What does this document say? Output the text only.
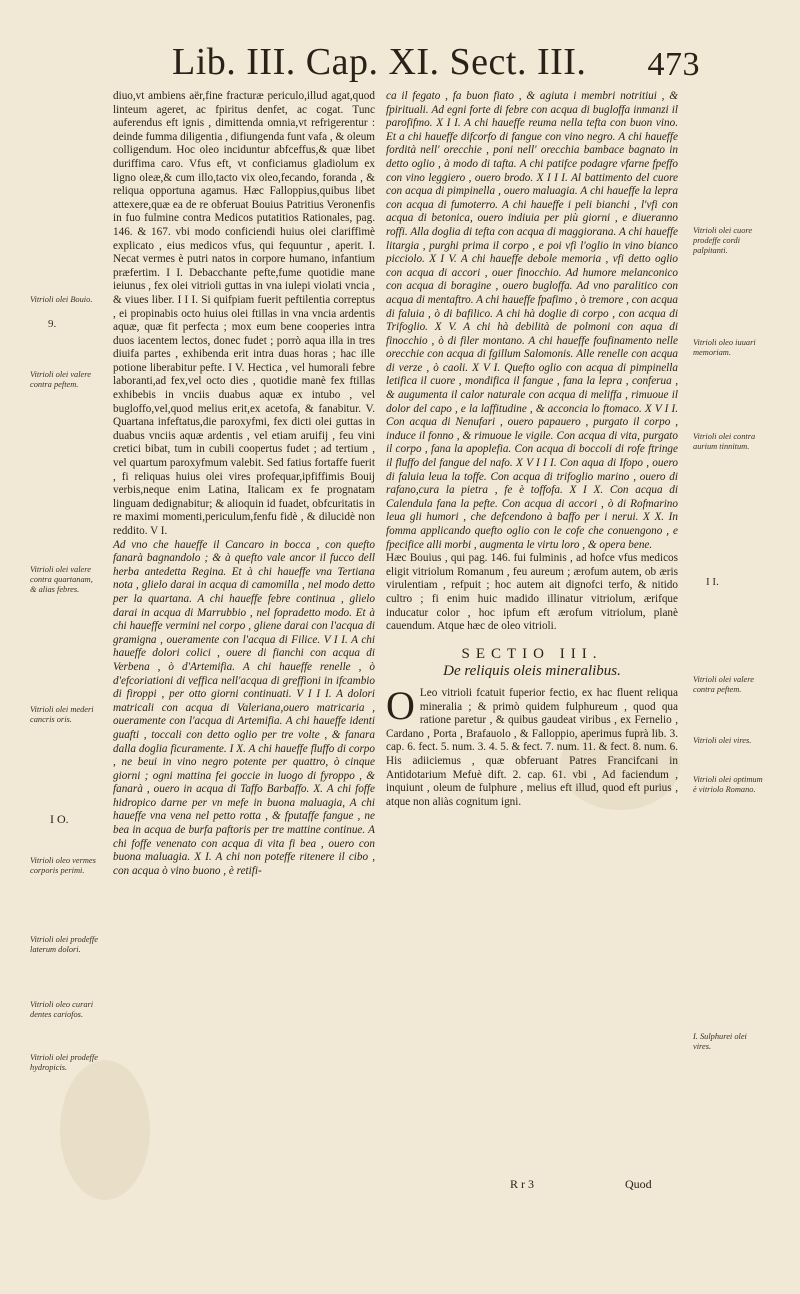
Lib. III. Cap. XI. Sect. III. 473

diuo,vt ambiens aër,fine fracturæ periculo,illud agat,quod linteum ageret, ac fpiritus denfet, ac cogat. Tunc auferendus eft ignis , dimittenda omnia,vt refrigerentur : deinde fumma diligentia , difiungenda funt vafa , & oleum colligendum. Hoc oleo inciduntur abfceffus,& quæ libet duriffima caro. Vfus eft, vt conficiamus gladiolum ex ligno oleæ,& cum illo,tacto vix oleo,fecando, foranda , & reliqua opportuna agamus. Hæc Falloppius,quibus libet attexere,quæ ea de re obferuat Bouius Patritius Veronenfis in fuo fulmine contra Medicos putatitios Rationales, pag. 146. & 167. vbi modo conficiendi huius olei clariffimè explicato , eius medicos vfus, qui fequuntur , aperit. I. Necat vermes è putri natos in corpore humano, infantium præfertim. I I. Debacchante pefte,fume quotidie mane ieiunus , fex olei vitrioli guttas in vna iulepi violati vncia , & viues liber. I I I. Si quifpiam fuerit peftilentia correptus , ei propinabis octo huius olei ftillas in vna vncia ardentis aquæ, quæ fit perfecta ; mox eum bene cooperies intra duos iacentem lectos, donec fudet ; porrò aqua illa in tres diuifa partes , exhibenda erit intra duas horas ; hac ille potione liberabitur pefte. I V. Hectica , vel humorali febre laboranti,ad fex,vel octo dies , quotidie manè fex ftillas exhibebis in vnciis duabus aquæ ex intubo , vel bugloffo,vel,quod melius erit,ex acetofa, & fanabitur. V. Quartana infeftatus,die paroxyfmi, fex dicti olei guttas in duabus vnciis aquæ ardentis , vel etiam aruifij , feu vini cretici bibat, tum in cubili coopertus fudet ; ad tertium , vel quartum paroxyfmum valebit. Sed fatius fortaffe fuerit , fi reliquas huius olei vires profequar,ipfiffimis Bouij verbis,neque enim Latina, Italicam ex fe prognatam linguam dedignabitur; & alioquin id fuadet, obfcuritatis in re maximi momenti,periculum,fenfu fidè , & dilucidè non reddito. V I.

Ad vno che haueffe il Cancaro in bocca , con quefto fanarà bagnandolo ; & à quefto vale ancor il fucco dell herba antedetta Regina. Et à chi haueffe vna Tertiana nota , glielo darai in acqua di camomilla , nel modo detto per la quartana. A chi haueffe febre continua , glielo darai in acqua di Marrubbio , nel fopradetto modo. Et à chi haueffe vermini nel corpo , gliene darai con l'acqua di gramigna , oueramente con l'acqua di Filice. V I I. A chi haueffe dolori colici , ouere di fianchi con acqua di Verbena , ò d'Artemifia. A chi haueffe renelle , ò d'efcoriationi di veffica nell'acqua di greffioni in ifcambio di firoppi , per otto giorni continuati. V I I I. A dolori matricali con acqua di Valeriana,ouero matricaria , oueramente con l'acqua di Artemifia. A chi haueffe identi guafti , toccali con detto oglio per tre volte , & fanara dalla doglia ficuramente. I X. A chi haueffe fluffo di corpo , ne beui in vino negro potente per quattro, ò cinque giorni ; ogni mattina fei goccie in luogo di fyroppo , & fanarà , ouero in acqua di Taffo Barbaffo. X. A chi foffe hidropico darne per vn mefe in buona maluagia, A chi haueffe vna vena nel petto rotta , & fputaffe fangue , ne bea in acqua de burfa paftoris per tre mattine continue. A chi foffe venenato con acqua di vita fi bea , ouero con buona maluagia. X I. A chi non poteffe ritenere il cibo , con acqua ò vino buono , è retifi-

ca il fegato , fa buon fiato , & agiuta i membri notritiui , & fpirituali. Ad egni forte di febre con acqua di bugloffa inmanzi il parofifmo. X I I. A chi haueffe reuma nella tefta con buon vino. Et a chi haueffe difcorfo di fangue con vino negro. A chi haueffe fordità nell' orecchie , poni nell' orecchia bambace bagnato in detto oglio , à modo di tafta. A chi patifce podagre vfarne fpeffo con vino leggiero , ouero brodo. X I I I. Al battimento del cuore con acqua di pimpinella , ouero maluagia. A chi haueffe la lepra con acqua di fumoterro. A chi haueffe i peli bianchi , l'vfi con acqua di betonica, ouero indiuia per più giorni , e diueranno roffi. Alla doglia di tefta con acqua di maggiorana. A chi haueffe litargia , purghi prima il corpo , e poi vfi l'oglio in vino bianco picciolo. X I V. A chi haueffe debole memoria , vfi detto oglio con acqua di accori , ouer finocchio. Ad humore melanconico con acqua di boragine , ouero bugloffa. Ad vno paralitico con acqua di mentaftro. A chi haueffe fpafimo , ò tremore , con acqua di faluia , ò di bafilico. A chi hà doglie di corpo , con acqua di Trifoglio. X V. A chi hà debilità de polmoni con aqua di finocchio , ò di filer montano. A chi haueffe foufinamento nelle orecchie con acqua di fgillum Salomonis. Alle renelle con acqua di verze , ò caoli. X V I. Quefto oglio con acqua di pimpinella letifica il cuore , mondifica il fangue , fana la lepra , conferua , & augumenta il calor naturale con acqua di meliffa , rimuoue il dolor del capo , e la laffitudine , & acconcia lo ftomaco. X V I I. Con acqua di Nenufari , ouero papauero , purgato il corpo , induce il fonno , & rimuoue le vigile. Con acqua di vita, purgato il corpo , fana la apoplefia. Con acqua di boccoli di rofe ftringe il fluffo del fangue del nafo. X V I I I. Con aqua di Ifopo , ouero di faluia leua la toffe. Con acqua di trifoglio marino , ouero di rafano,cura la pietra , fe è toffofa. X I X. Con acqua di Calendula fana la pefte. Con acqua di accori , ò di Rofmarino leua gli humori , che defcendono à baffo per i nerui. X X. In fomma applicando quefto oglio con le cofe che conuengono , e fpecifice alli morbi , augmenta le virtu loro , & opera bene.

Hæc Bouius , qui pag. 146. fui fulminis , ad hofce vfus medicos eligit vitriolum Romanum , feu aureum ; ærofum autem, ob æris virulentiam , refpuit ; hoc autem ait dignofci terfo, & nitido cultro ; fi enim huic madido illinatur vitriolum, ærifque inducatur color , hoc ipfum eft ærofum vitriolum, planè cauendum. Atque hæc de oleo vitrioli.

SECTIO III.
De reliquis oleis mineralibus.

O Leo vitrioli fcatuit fuperior fectio, ex hac fluent reliqua mineralia ; & primò quidem fulphureum , quod qua ratione paretur , & quibus gaudeat viribus , ex Fernelio , Cardano , Porta , Brafauolo , & Falloppio, aperimus fuprà lib. 3. cap. 6. fect. 5. num. 3. 4. 5. & fect. 7. num. 11. & fect. 8. num. 6. His adiiciemus , quæ obferuant Patres Francifcani in Antidotarium Mefuè dift. 2. cap. 61. vbi , Ad faciendum , inquiunt , oleum de fulphure , melius eft illud, quod eft purius , atque non aliàs cognitum igni.

Vitrioli olei Bouio.
9.
Vitrioli olei valere contra peftem.
Vitrioli olei valere contra quartanam, & alias febres.
Vitrioli olei mederi cancris oris.
Vitrioli oleo vermes corporis perimi.
Vitrioli olei prodeffe laterum dolori.
Vitrioli oleo curari dentes cariofos.
Vitrioli olei prodeffe hydropicis.
Vitrioli olei cuore prodeffe cordi palpitanti.
Vitrioli oleo iuuari memoriam.
Vitrioli olei contra aurium tinnitum.
I I.
Vitrioli olei valere contra peftem.
Vitrioli olei vires.
Vitrioli olei optimum è vitriolo Romano.
I. Sulphurei olei vires.
I O.
R r 3	Quod
